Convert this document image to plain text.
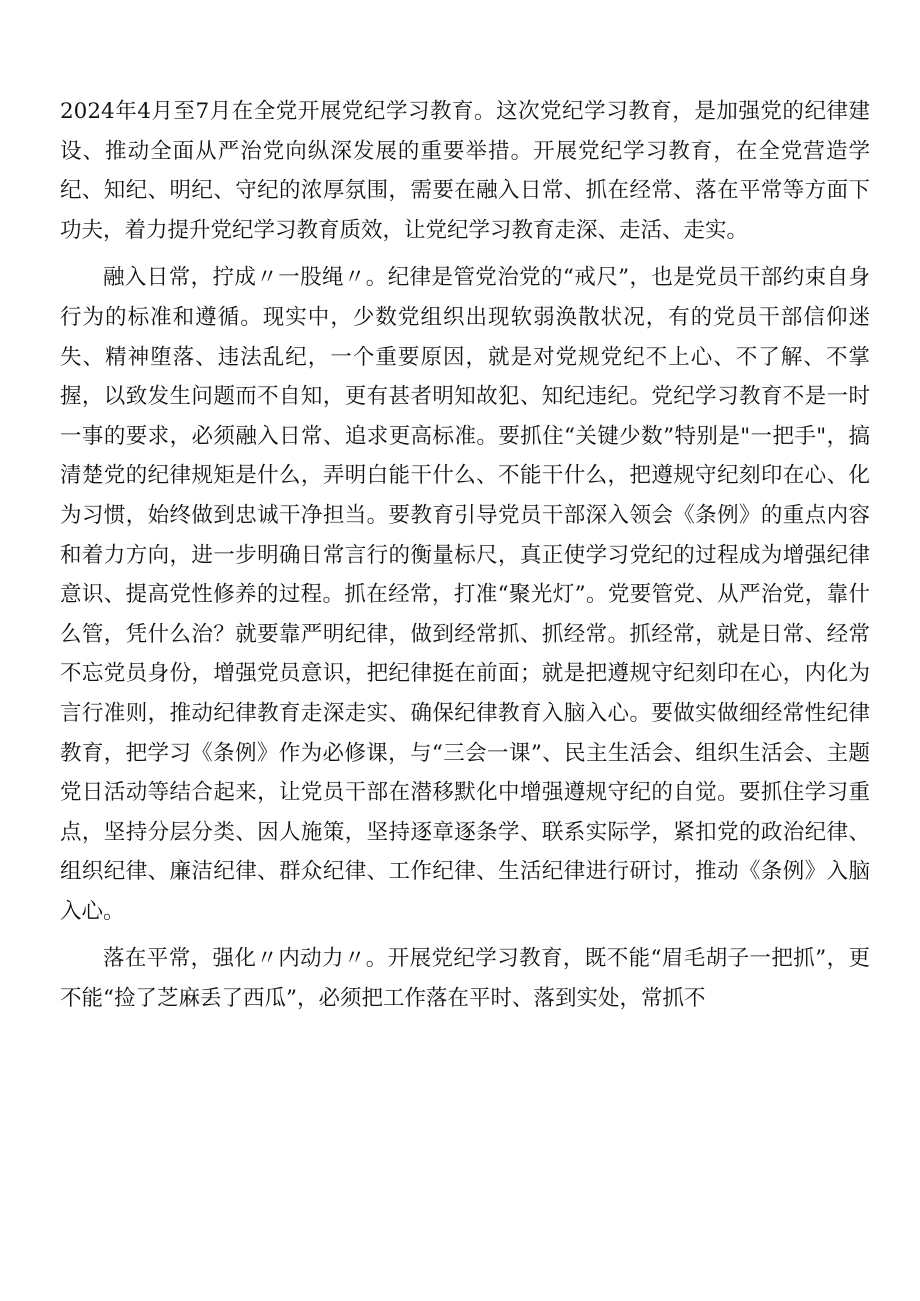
2024年4月至7月在全党开展党纪学习教育。这次党纪学习教育，是加强党的纪律建设、推动全面从严治党向纵深发展的重要举措。开展党纪学习教育，在全党营造学纪、知纪、明纪、守纪的浓厚氛围，需要在融入日常、抓在经常、落在平常等方面下功夫，着力提升党纪学习教育质效，让党纪学习教育走深、走活、走实。

融入日常，拧成〃一股绳〃。纪律是管党治党的“戒尺”，也是党员干部约束自身行为的标准和遵循。现实中，少数党组织出现软弱涣散状况，有的党员干部信仰迷失、精神堕落、违法乱纪，一个重要原因，就是对党规党纪不上心、不了解、不掌握，以致发生问题而不自知，更有甚者明知故犯、知纪违纪。党纪学习教育不是一时一事的要求，必须融入日常、追求更高标准。要抓住“关键少数”特别是"一把手"，搞清楚党的纪律规矩是什么，弄明白能干什么、不能干什么，把遵规守纪刻印在心、化为习惯，始终做到忠诚干净担当。要教育引导党员干部深入领会《条例》的重点内容和着力方向，进一步明确日常言行的衡量标尺，真正使学习党纪的过程成为增强纪律意识、提高党性修养的过程。抓在经常，打准“聚光灯”。党要管党、从严治党，靠什么管，凭什么治？就要靠严明纪律，做到经常抓、抓经常。抓经常，就是日常、经常不忘党员身份，增强党员意识，把纪律挺在前面；就是把遵规守纪刻印在心，内化为言行准则，推动纪律教育走深走实、确保纪律教育入脑入心。要做实做细经常性纪律教育，把学习《条例》作为必修课，与“三会一课”、民主生活会、组织生活会、主题党日活动等结合起来，让党员干部在潜移默化中增强遵规守纪的自觉。要抓住学习重点，坚持分层分类、因人施策，坚持逐章逐条学、联系实际学，紧扣党的政治纪律、组织纪律、廉洁纪律、群众纪律、工作纪律、生活纪律进行研讨，推动《条例》入脑入心。

落在平常，强化〃内动力〃。开展党纪学习教育，既不能“眉毛胡子一把抓”，更不能“捡了芝麻丢了西瓜”，必须把工作落在平时、落到实处，常抓不
